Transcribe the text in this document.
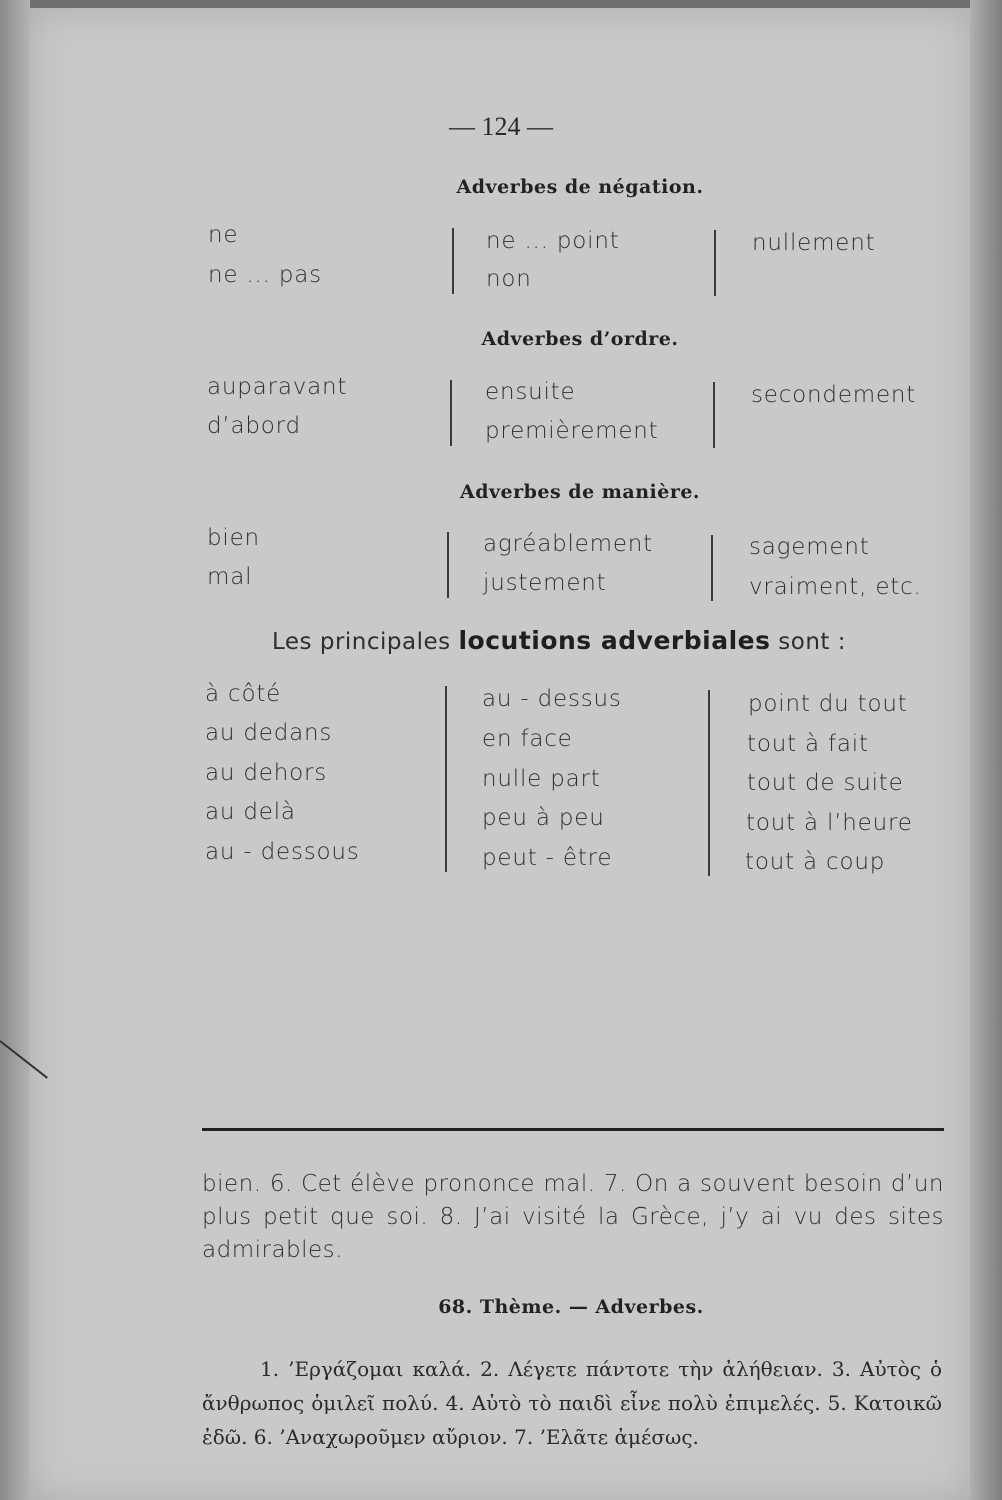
— 124 —
Adverbes de négation.
ne
ne ... pas
ne ... point
non
nullement
Adverbes d’ordre.
auparavant
d’abord
ensuite
premièrement
secondement
Adverbes de manière.
bien
mal
agréablement
justement
sagement
vraiment, etc.
Les principales locutions adverbiales sont :
à côté
au dedans
au dehors
au delà
au - dessous
au - dessus
en face
nulle part
peu à peu
peut - être
point du tout
tout à fait
tout de suite
tout à l’heure
tout à coup
bien. 6. Cet élève prononce mal. 7. On a souvent besoin d’un plus petit que soi. 8. J’ai visité la Grèce, j’y ai vu des sites admirables.
68. Thème. — Adverbes.
1. ’Εργάζομαι καλά. 2. Λέγετε πάντοτε τὴν ἀλήθειαν. 3. Αὐτὸς ὁ ἄνθρωπος ὁμιλεῖ πολύ. 4. Αὐτὸ τὸ παιδὶ εἶνε πολὺ ἐπιμελές. 5. Κατοικῶ ἐδῶ. 6. ’Αναχωροῦμεν αὔριον. 7. ’Ελᾶτε ἀμέσως.
